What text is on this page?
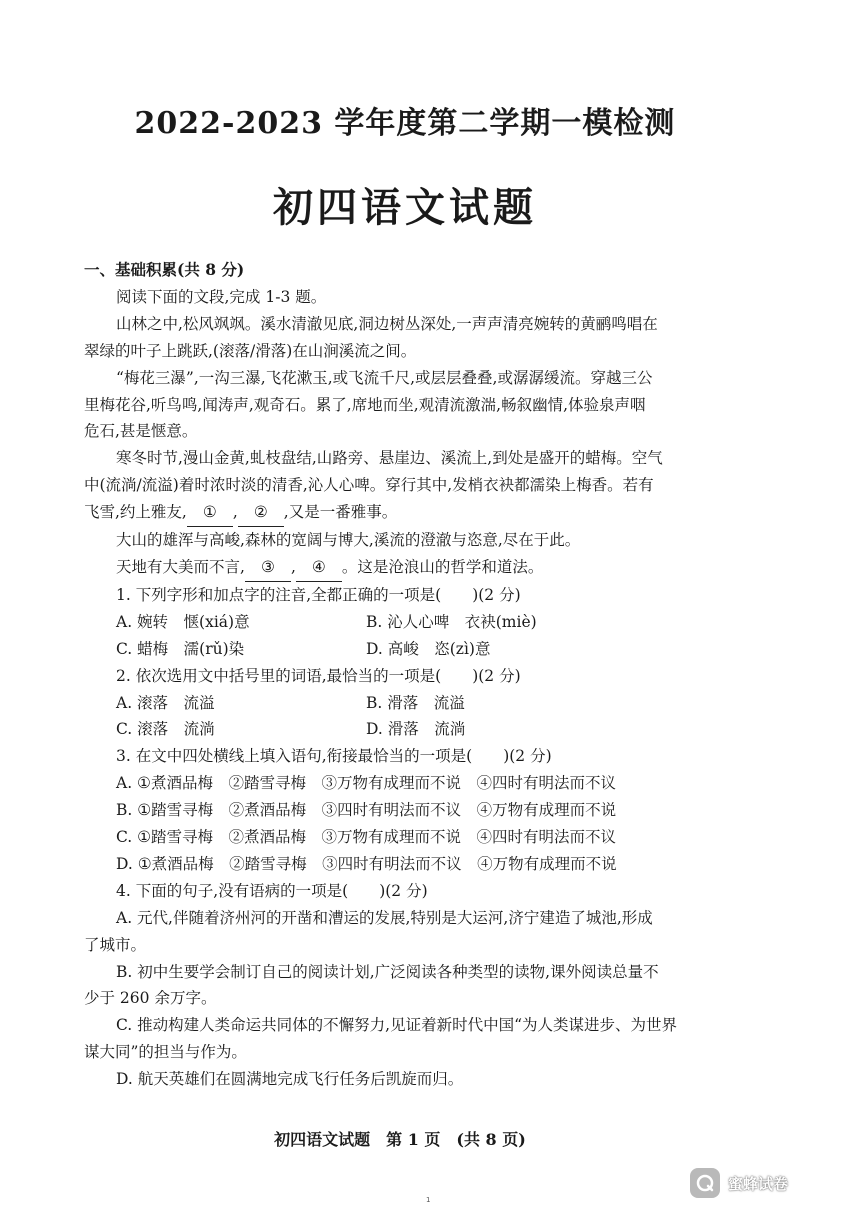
2022-2023 学年度第二学期一模检测
初四语文试题
一、基础积累(共 8 分)
阅读下面的文段,完成 1-3 题。
山林之中,松风飒飒。溪水清澈见底,洞边树丛深处,一声声清亮婉转的黄鹂鸣唱在
翠绿的叶子上跳跃,(滚落/滑落)在山涧溪流之间。
“梅花三瀑”,一沟三瀑,飞花漱玉,或飞流千尺,或层层叠叠,或潺潺缓流。穿越三公
里梅花谷,听鸟鸣,闻涛声,观奇石。累了,席地而坐,观清流激湍,畅叙幽情,体验泉声咽
危石,甚是惬意。
寒冬时节,漫山金黄,虬枝盘结,山路旁、悬崖边、溪流上,到处是盛开的蜡梅。空气
中(流淌/流溢)着时浓时淡的清香,沁人心啤。穿行其中,发梢衣袂都濡染上梅香。若有
飞雪,约上雅友, ① , ② ,又是一番雅事。
大山的雄浑与高峻,森林的宽阔与博大,溪流的澄澈与恣意,尽在于此。
天地有大美而不言, ③ , ④ 。这是沧浪山的哲学和道法。
1. 下列字形和加点字的注音,全都正确的一项是(　　)(2 分)
A. 婉转　惬(xiá)意	B. 沁人心啤　衣袂(miè)
C. 蜡梅　濡(rǔ)染	D. 高峻　恣(zì)意
2. 依次选用文中括号里的词语,最恰当的一项是(　　)(2 分)
A. 滚落　流溢	B. 滑落　流溢
C. 滚落　流淌	D. 滑落　流淌
3. 在文中四处横线上填入语句,衔接最恰当的一项是(　　)(2 分)
A. ①煮酒品梅　②踏雪寻梅　③万物有成理而不说　④四时有明法而不议
B. ①踏雪寻梅　②煮酒品梅　③四时有明法而不议　④万物有成理而不说
C. ①踏雪寻梅　②煮酒品梅　③万物有成理而不说　④四时有明法而不议
D. ①煮酒品梅　②踏雪寻梅　③四时有明法而不议　④万物有成理而不说
4. 下面的句子,没有语病的一项是(　　)(2 分)
A. 元代,伴随着济州河的开凿和漕运的发展,特别是大运河,济宁建造了城池,形成
了城市。
B. 初中生要学会制订自己的阅读计划,广泛阅读各种类型的读物,课外阅读总量不
少于 260 余万字。
C. 推动构建人类命运共同体的不懈努力,见证着新时代中国“为人类谋进步、为世界
谋大同”的担当与作为。
D. 航天英雄们在圆满地完成飞行任务后凯旋而归。
初四语文试题　第 1 页　(共 8 页)
1
蜜蜂试卷
